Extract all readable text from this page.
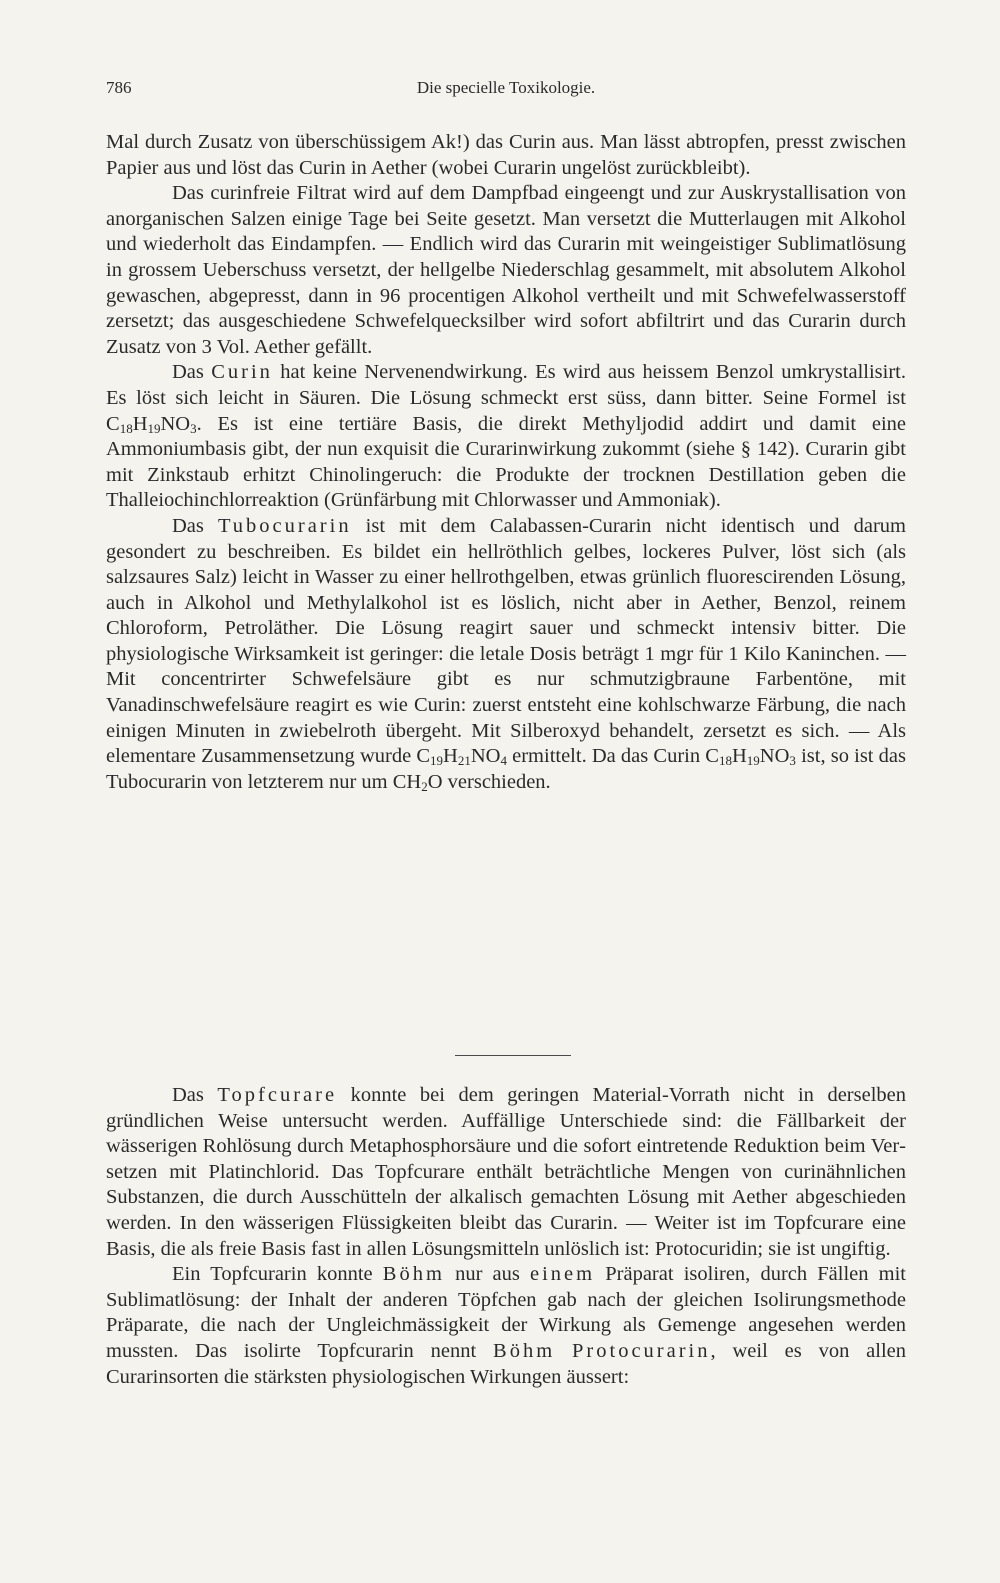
786	Die specielle Toxikologie.

Mal durch Zusatz von überschüssigem Ak!) das Curin aus. Man lässt abtropfen, presst zwischen Papier aus und löst das Curin in Aether (wobei Curarin ungelöst zurückbleibt).

Das curinfreie Filtrat wird auf dem Dampfbad eingeengt und zur Auskrystallisation von anorganischen Salzen einige Tage bei Seite gesetzt. Man versetzt die Mutterlaugen mit Alkohol und wiederholt das Eindampfen. — Endlich wird das Curarin mit weingeistiger Sublimatlösung in grossem Ueberschuss versetzt, der hellgelbe Niederschlag gesammelt, mit absolutem Alkohol gewaschen, abgepresst, dann in 96 procentigen Alkohol vertheilt und mit Schwefelwasserstoff zersetzt; das ausgeschiedene Schwefelquecksilber wird sofort abfiltrirt und das Curarin durch Zusatz von 3 Vol. Aether gefällt.

Das Curin hat keine Nervenendwirkung. Es wird aus heissem Benzol umkrystallisirt. Es löst sich leicht in Säuren. Die Lösung schmeckt erst süss, dann bitter. Seine Formel ist $C_{18}H_{19}NO_3$. Es ist eine tertiäre Basis, die direkt Methyljodid addirt und damit eine Ammoniumbasis gibt, der nun exquisit die Curarinwirkung zukommt (siehe § 142). Curarin gibt mit Zinkstaub erhitzt Chinolingeruch: die Produkte der trocknen Destillation geben die Thalleiochinchlorreaktion (Grünfärbung mit Chlorwasser und Ammoniak).

Das Tubocurarin ist mit dem Calabassen-Curarin nicht identisch und darum gesondert zu beschreiben. Es bildet ein hellröthlich gelbes, lockeres Pulver, löst sich (als salzsaures Salz) leicht in Wasser zu einer hellrothgelben, etwas grünlich fluorescirenden Lösung, auch in Alkohol und Methylalkohol ist es löslich, nicht aber in Aether, Benzol, reinem Chloroform, Petroläther. Die Lösung reagirt sauer und schmeckt intensiv bitter. Die physiologische Wirksamkeit ist geringer: die letale Dosis beträgt 1 mgr für 1 Kilo Kaninchen. — Mit concentrirter Schwefelsäure gibt es nur schmutzigbraune Farbentöne, mit Vanadinschwefelsäure reagirt es wie Curin: zuerst entsteht eine kohlschwarze Färbung, die nach einigen Minuten in zwiebelroth übergeht. Mit Silberoxyd behandelt, zersetzt es sich. — Als elementare Zusammensetzung wurde $C_{19}H_{21}NO_4$ ermittelt. Da das Curin $C_{18}H_{19}NO_3$ ist, so ist das Tubocurarin von letzterem nur um $CH_2O$ verschieden.

Das Topfcurare konnte bei dem geringen Material-Vorrath nicht in derselben gründlichen Weise untersucht werden. Auffällige Unterschiede sind: die Fällbarkeit der wässerigen Rohlösung durch Metaphosphorsäure und die sofort eintretende Reduktion beim Versetzen mit Platinchlorid. Das Topfcurare enthält beträchtliche Mengen von curinähnlichen Substanzen, die durch Ausschütteln der alkalisch gemachten Lösung mit Aether abgeschieden werden. In den wässerigen Flüssigkeiten bleibt das Curarin. — Weiter ist im Topfcurare eine Basis, die als freie Basis fast in allen Lösungsmitteln unlöslich ist: Protocuridin; sie ist ungiftig.

Ein Topfcurarin konnte Böhm nur aus einem Präparat isoliren, durch Fällen mit Sublimatlösung: der Inhalt der anderen Töpfchen gab nach der gleichen Isolirungsmethode Präparate, die nach der Ungleichmässigkeit der Wirkung als Gemenge angesehen werden mussten. Das isolirte Topfcurarin nennt Böhm Protocurarin, weil es von allen Curarinsorten die stärksten physiologischen Wirkungen äussert:
